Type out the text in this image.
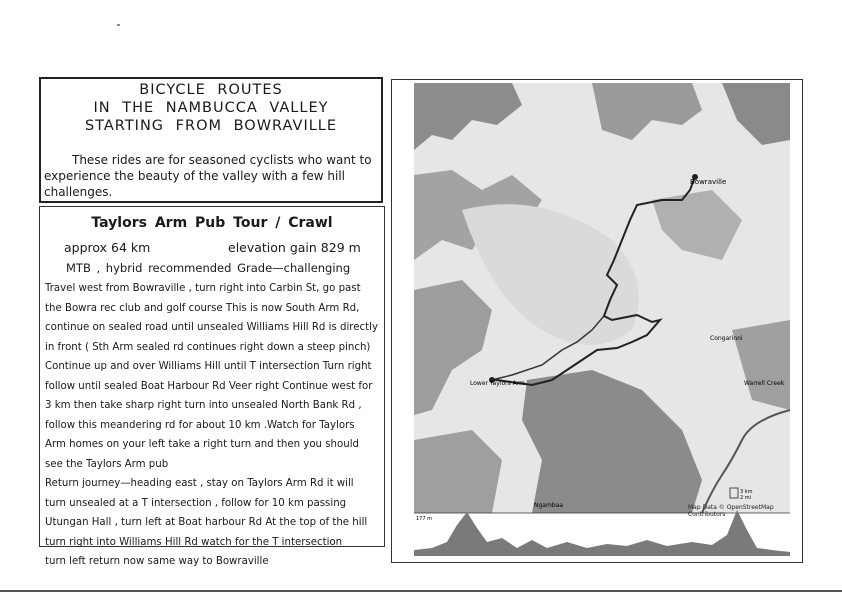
BICYCLE ROUTES
IN THE NAMBUCCA VALLEY
STARTING FROM BOWRAVILLE
These rides are for seasoned cyclists who want to experience the beauty of the valley with a few hill challenges.
Taylors Arm Pub Tour / Crawl
approx 64 km	elevation gain 829 m
MTB , hybrid recommended Grade—challenging
Travel west from Bowraville , turn right into Carbin St, go past
the Bowra rec club and golf course This is now South Arm Rd,
continue on sealed road until unsealed Williams Hill Rd is directly
in front ( Sth Arm sealed rd continues right down a steep pinch)
Continue up and over Williams Hill until T intersection Turn right
follow until sealed Boat Harbour Rd Veer right Continue west for
3 km then take sharp right turn into unsealed North Bank Rd ,
follow this meandering rd for about 10 km .Watch for Taylors
Arm homes on your left take a right turn and then you should
see the Taylors Arm pub
Return journey—heading east , stay on Taylors Arm Rd it will
turn unsealed at a T intersection , follow for 10 km passing
Utungan Hall , turn left at Boat harbour Rd At the top of the hill
turn right into Williams Hill Rd watch for the T intersection
turn left return now same way to Bowraville
Bowraville
Lower Taylors Arm
Congarinni
Warrell Creek
Ngambaa
3 km
2 mi
177 m
Map Data © OpenStreetMap Contributors
